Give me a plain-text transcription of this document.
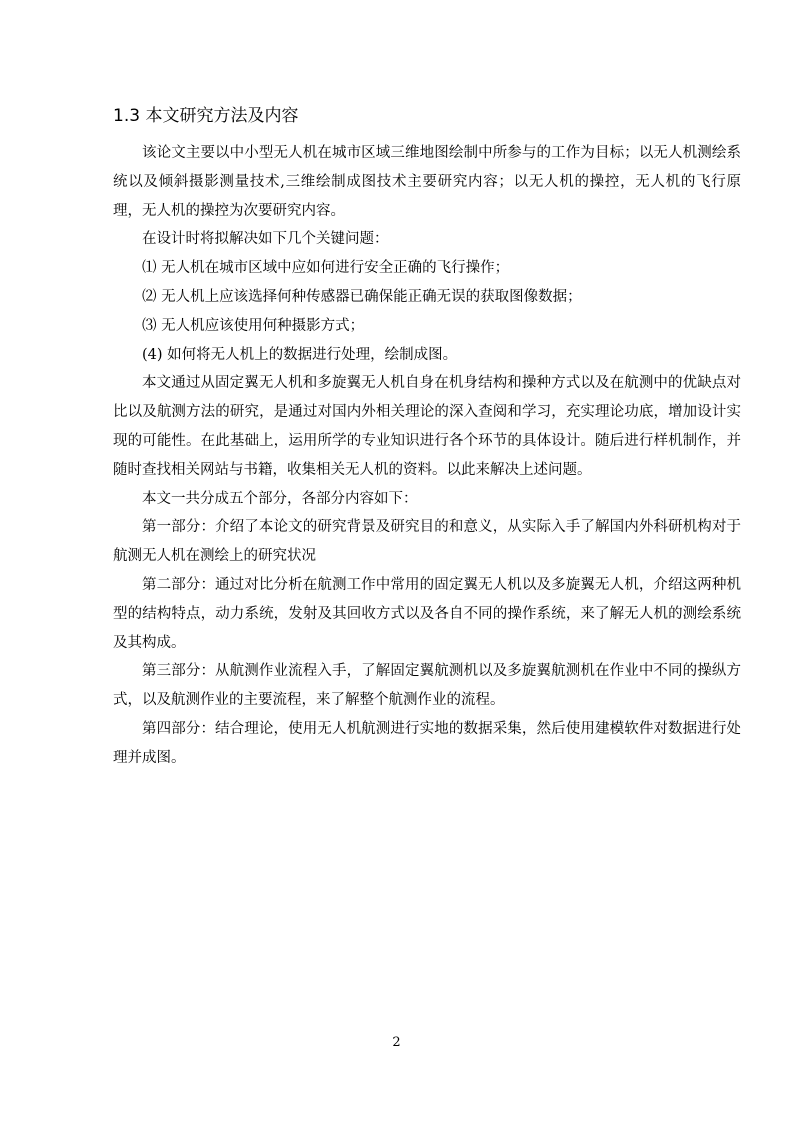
1.3 本文研究方法及内容

该论文主要以中小型无人机在城市区域三维地图绘制中所参与的工作为目标；以无人机测绘系统以及倾斜摄影测量技术,三维绘制成图技术主要研究内容；以无人机的操控，无人机的飞行原理，无人机的操控为次要研究内容。

在设计时将拟解决如下几个关键问题：

⑴ 无人机在城市区域中应如何进行安全正确的飞行操作；

⑵ 无人机上应该选择何种传感器已确保能正确无误的获取图像数据；

⑶ 无人机应该使用何种摄影方式；

(4) 如何将无人机上的数据进行处理，绘制成图。

本文通过从固定翼无人机和多旋翼无人机自身在机身结构和操种方式以及在航测中的优缺点对比以及航测方法的研究，是通过对国内外相关理论的深入查阅和学习，充实理论功底，增加设计实现的可能性。在此基础上，运用所学的专业知识进行各个环节的具体设计。随后进行样机制作，并随时查找相关网站与书籍，收集相关无人机的资料。以此来解决上述问题。

本文一共分成五个部分，各部分内容如下：

第一部分：介绍了本论文的研究背景及研究目的和意义，从实际入手了解国内外科研机构对于航测无人机在测绘上的研究状况

第二部分：通过对比分析在航测工作中常用的固定翼无人机以及多旋翼无人机，介绍这两种机型的结构特点，动力系统，发射及其回收方式以及各自不同的操作系统，来了解无人机的测绘系统及其构成。

第三部分：从航测作业流程入手，了解固定翼航测机以及多旋翼航测机在作业中不同的操纵方式，以及航测作业的主要流程，来了解整个航测作业的流程。

第四部分：结合理论，使用无人机航测进行实地的数据采集，然后使用建模软件对数据进行处理并成图。

2
